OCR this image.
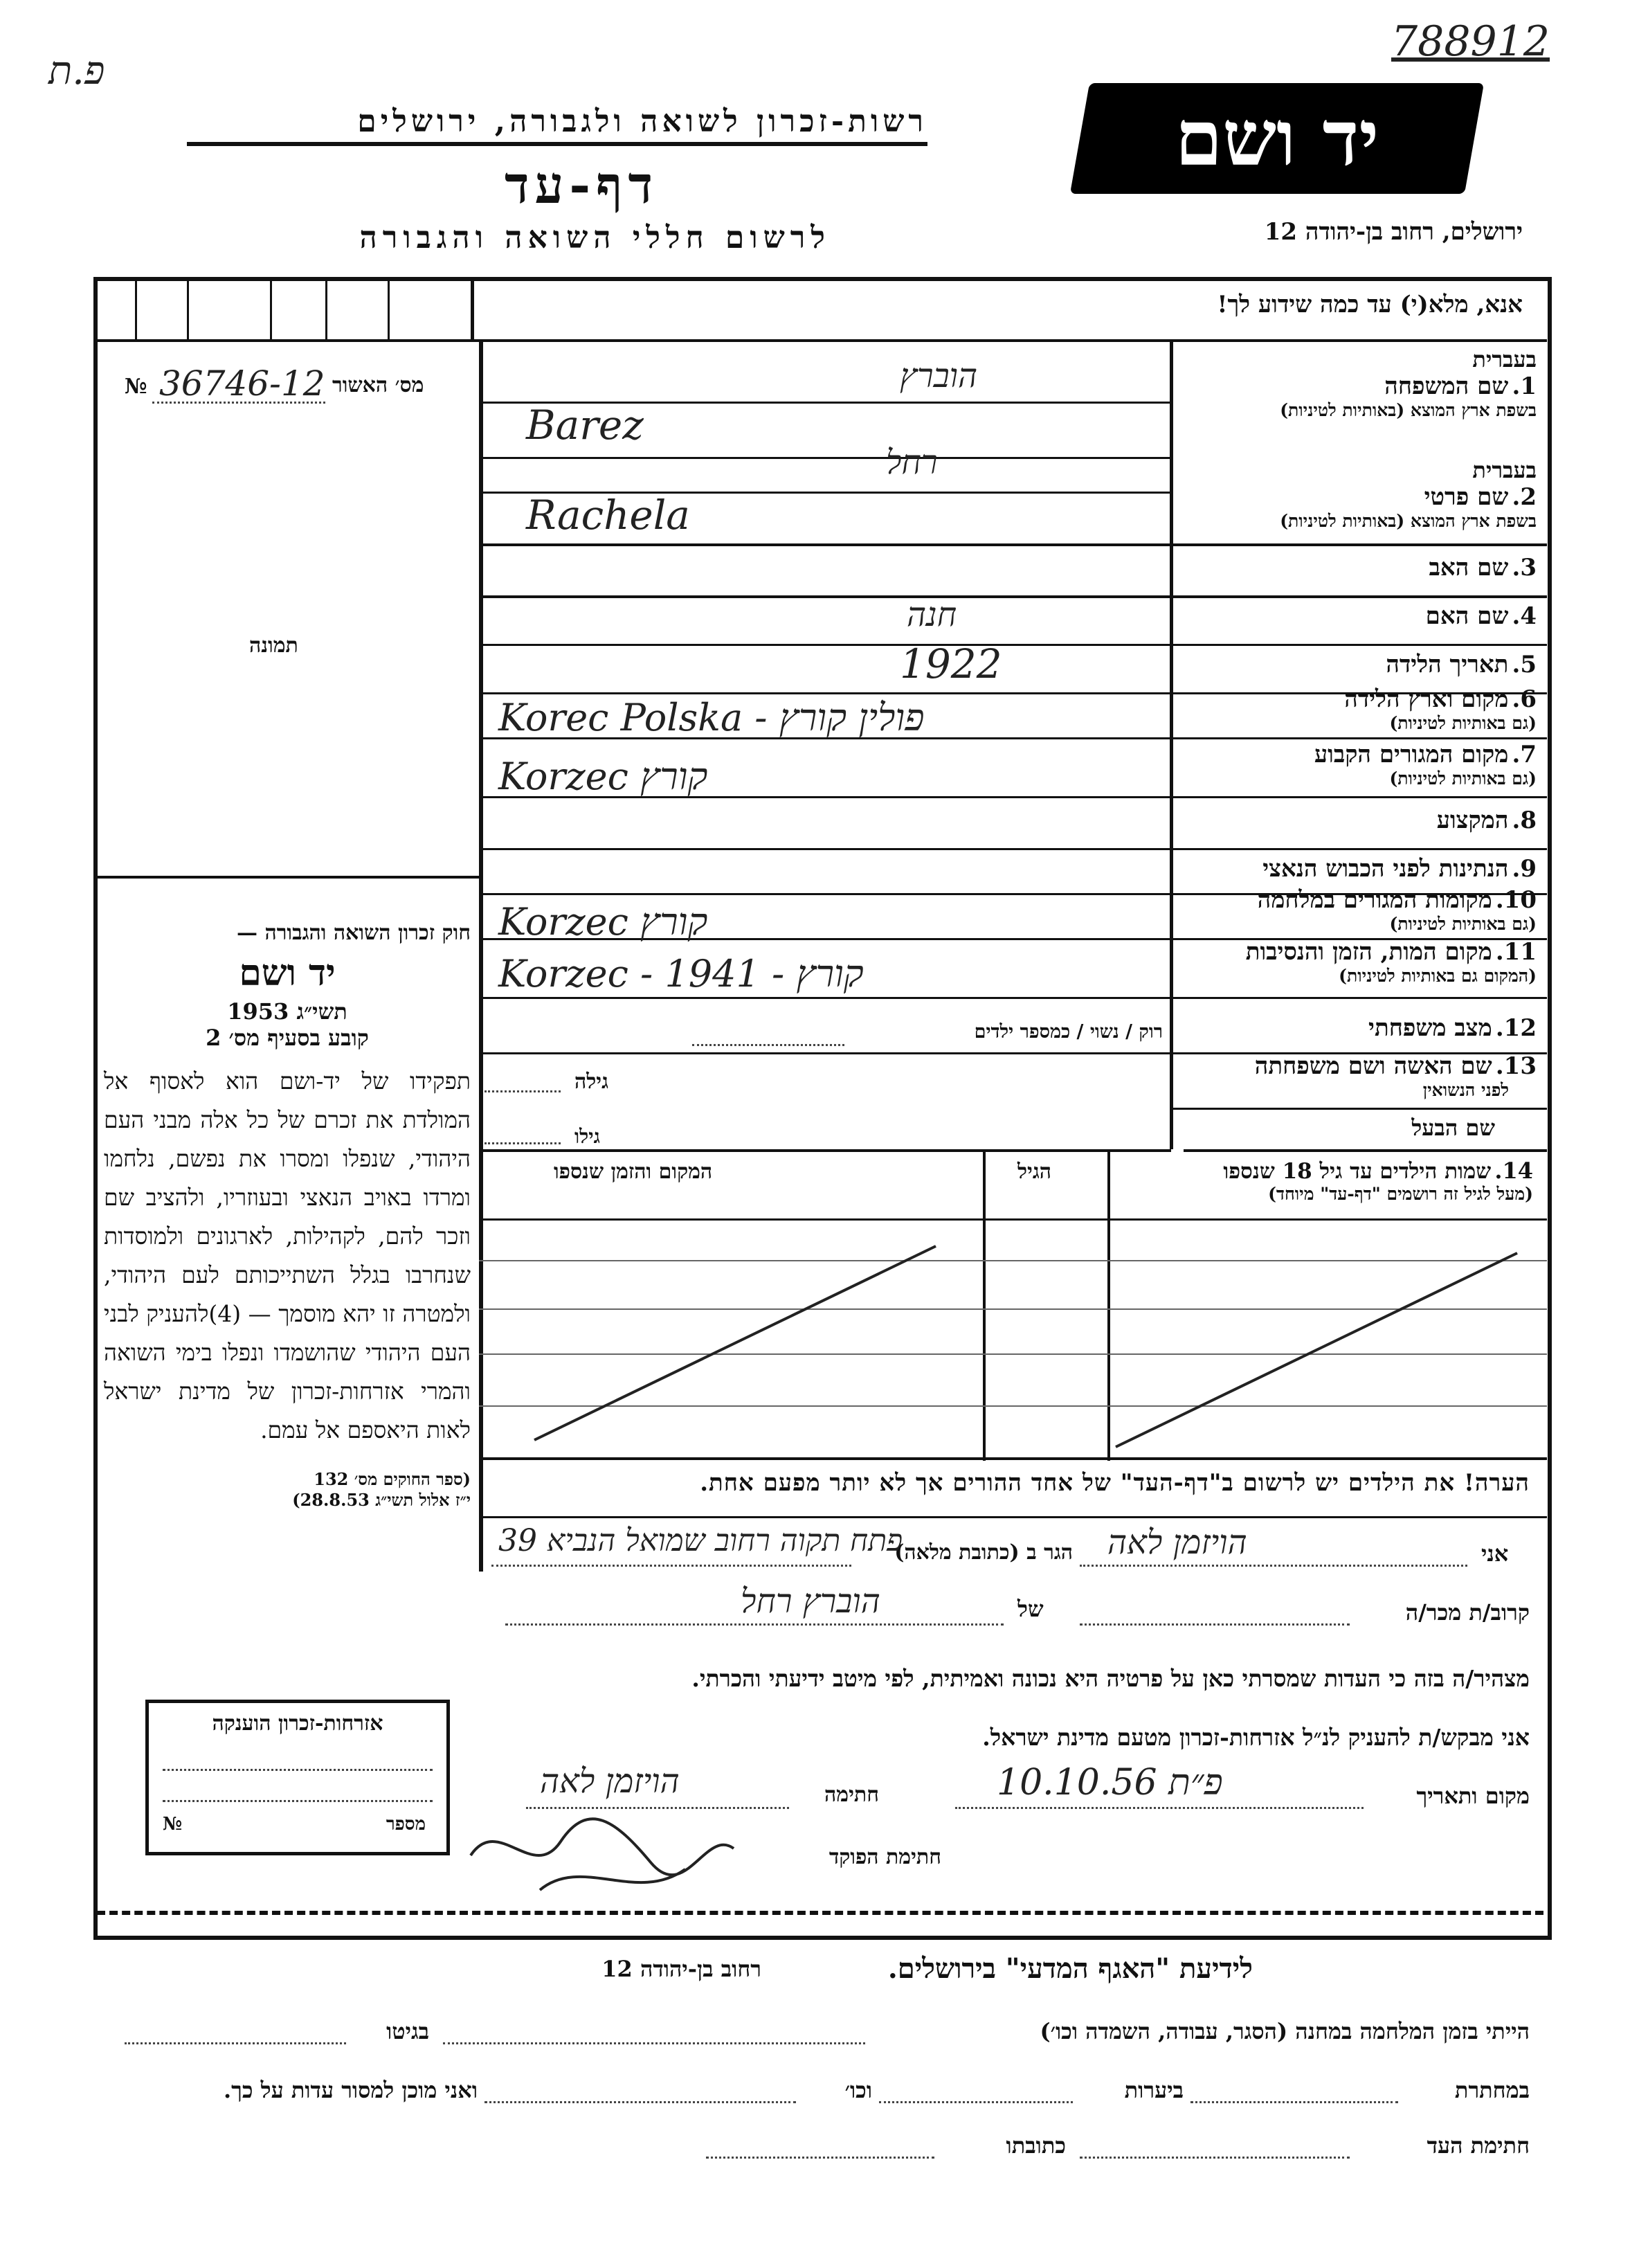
פ.ת
788912
רשות-זכרון לשואה ולגבורה, ירושלים
דף-עד
לרשום חללי השואה והגבורה
יד ושם
ירושלים, רחוב בן-יהודה 12
אנא, מלא(י) עד כמה שידוע לך!
№ 36746-12 מס׳ האשור
תמונה
בעברית
1. שם המשפחה
בשפת ארץ המוצא (באותיות לטיניות)
הוברץ
Barez
בעברית
2. שם פרטי
בשפת ארץ המוצא (באותיות לטיניות)
רחל
Rachela
3. שם האב
4. שם האם
חנה
5. תאריך הלידה
1922
6. מקום וארץ הלידה
(גם באותיות לטיניות)
Korec Polska - פולין קורץ
7. מקום המגורים הקבוע
(גם באותיות לטיניות)
Korzec קורץ
8. המקצוע
9. הנתינות לפני הכבוש הנאצי
10. מקומות המגורים במלחמה
(גם באותיות לטיניות)
Korzec קורץ
11. מקום המות, הזמן והנסיבות
(המקום גם באותיות לטיניות)
Korzec - 1941 - קורץ
12. מצב משפחתי
רוק / נשוי / כמספר ילדים
13. שם האשה ושם משפחתה
לפני הנשואין
גילה
שם הבעל
גילו
14. שמות הילדים עד גיל 18 שנספו
(מעל לגיל זה רושמים "דף-עד" מיוחד)
הגיל
המקום והזמן שנספו
חוק זכרון השואה והגבורה —
יד ושם
תשי״ג 1953
קובע בסעיף מס׳ 2
תפקידו של יד-ושם הוא לאסוף אל המולדת את זכרם של כל אלה מבני העם היהודי, שנפלו ומסרו את נפשם, נלחמו ומרדו באויב הנאצי ובעוזריו, ולהציב שם וזכר להם, לקהילות, לארגונים ולמוסדות שנחרבו בגלל השתייכותם לעם היהודי, ולמטרה זו יהא מוסמך — (4)להעניק לבני העם היהודי שהושמדו ונפלו בימי השואה והמרי אזרחות-זכרון של מדינת ישראל לאות היאספם אל עמם.
(ספר החוקים מס׳ 132
י״ז אלול תשי״ג 28.8.53)
הערה! את הילדים יש לרשום ב"דף-העד" של אחד ההורים אך לא יותר מפעם אחת.
אני
הויזמן לאה
הגר ב (כתובת מלאה)
פתח תקוה רחוב שמואל הנביא 39
קרוב/ת מכר/ה
של
הוברץ רחל
מצהיר/ה בזה כי העדות שמסרתי כאן על פרטיה היא נכונה ואמיתית, לפי מיטב ידיעתי והכרתי.
אני מבקש/ת להעניק לנ״ל אזרחות-זכרון מטעם מדינת ישראל.
מקום ותאריך
פ״ת 10.10.56
חתימה
הויזמן לאה
חתימת הפוקד
אזרחות-זכרון הוענקה
№	מספר
לידיעת "האגף המדעי" בירושלים.
רחוב בן-יהודה 12
הייתי בזמן המלחמה במחנה (הסגר, עבודה, השמדה וכו׳)
בגיטו
במחתרת
ביערות
וכו׳
ואני מוכן למסור עדות על כך.
חתימת העד
כתובתו
